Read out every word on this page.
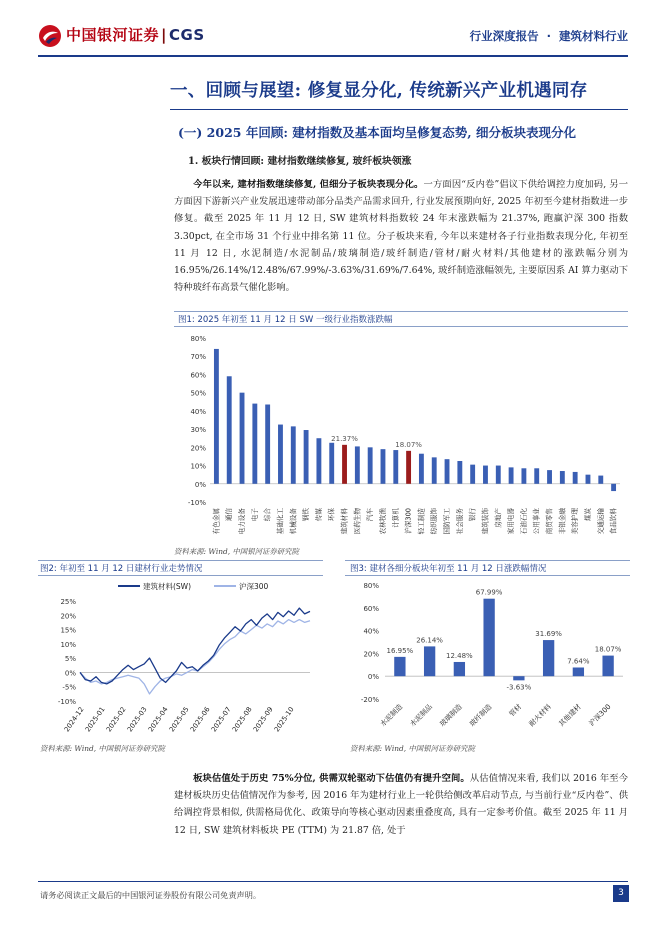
中国银河证券 | CGS	行业深度报告 · 建筑材料行业
一、回顾与展望: 修复显分化, 传统新兴产业机遇同存
(一) 2025 年回顾: 建材指数及基本面均呈修复态势, 细分板块表现分化
1. 板块行情回顾: 建材指数继续修复, 玻纤板块领涨
今年以来, 建材指数继续修复, 但细分子板块表现分化。一方面因“反内卷”倡议下供给调控力度加码, 另一方面因下游新兴产业发展迅速带动部分品类产品需求回升, 行业发展预期向好, 2025 年初至今建材指数进一步修复。截至 2025 年 11 月 12 日, SW 建筑材料指数较 24 年末涨跌幅为 21.37%, 跑赢沪深 300 指数 3.30pct, 在全市场 31 个行业中排名第 11 位。分子板块来看, 今年以来建材各子行业指数表现分化, 年初至 11 月 12 日, 水泥制造/水泥制品/玻璃制造/玻纤制造/管材/耐火材料/其他建材的涨跌幅分别为 16.95%/26.14%/12.48%/67.99%/-3.63%/31.69%/7.64%, 玻纤制造涨幅领先, 主要原因系 AI 算力驱动下特种玻纤布高景气催化影响。
图1: 2025 年初至 11 月 12 日 SW 一级行业指数涨跌幅
80%
70%
60%
50%
40%
30%
20%
10%
0%
-10%
有色金属 通信 电力设备 电子 综合 基础化工 机械设备 钢铁 传媒 环保
21.37%
建筑材料 医药生物 汽车 农林牧渔 计算机
18.07%
沪深300 轻工制造 纺织服饰 国防军工 社会服务 银行 建筑装饰 房地产 家用电器 石油石化 公用事业 商贸零售 非银金融 美容护理 煤炭 交通运输 食品饮料
资料来源: Wind, 中国银河证券研究院
图2: 年初至 11 月 12 日建材行业走势情况
建筑材料(SW)	沪深300
25%
20%
15%
10%
5%
0%
-5%
-10%
2024-12
2025-01
2025-02
2025-03
2025-04
2025-05
2025-06
2025-07
2025-08
2025-09
2025-10
资料来源: Wind, 中国银河证券研究院
图3: 建材各细分板块年初至 11 月 12 日涨跌幅情况
80%
60%
40%
20%
0%
-20%
16.95%
水泥制造
26.14%
水泥制品
12.48%
玻璃制造
67.99%
玻纤制造
-3.63%
管材
31.69%
耐火材料
7.64%
其他建材
18.07%
沪深300
资料来源: Wind, 中国银河证券研究院
板块估值处于历史 75%分位, 供需双轮驱动下估值仍有提升空间。从估值情况来看, 我们以 2016 年至今建材板块历史估值情况作为参考, 因 2016 年为建材行业上一轮供给侧改革启动节点, 与当前行业“反内卷”、供给调控背景相似, 供需格局优化、政策导向等核心驱动因素重叠度高, 具有一定参考价值。截至 2025 年 11 月 12 日, SW 建筑材料板块 PE (TTM) 为 21.87 倍, 处于
请务必阅读正文最后的中国银河证券股份有限公司免责声明。	3
